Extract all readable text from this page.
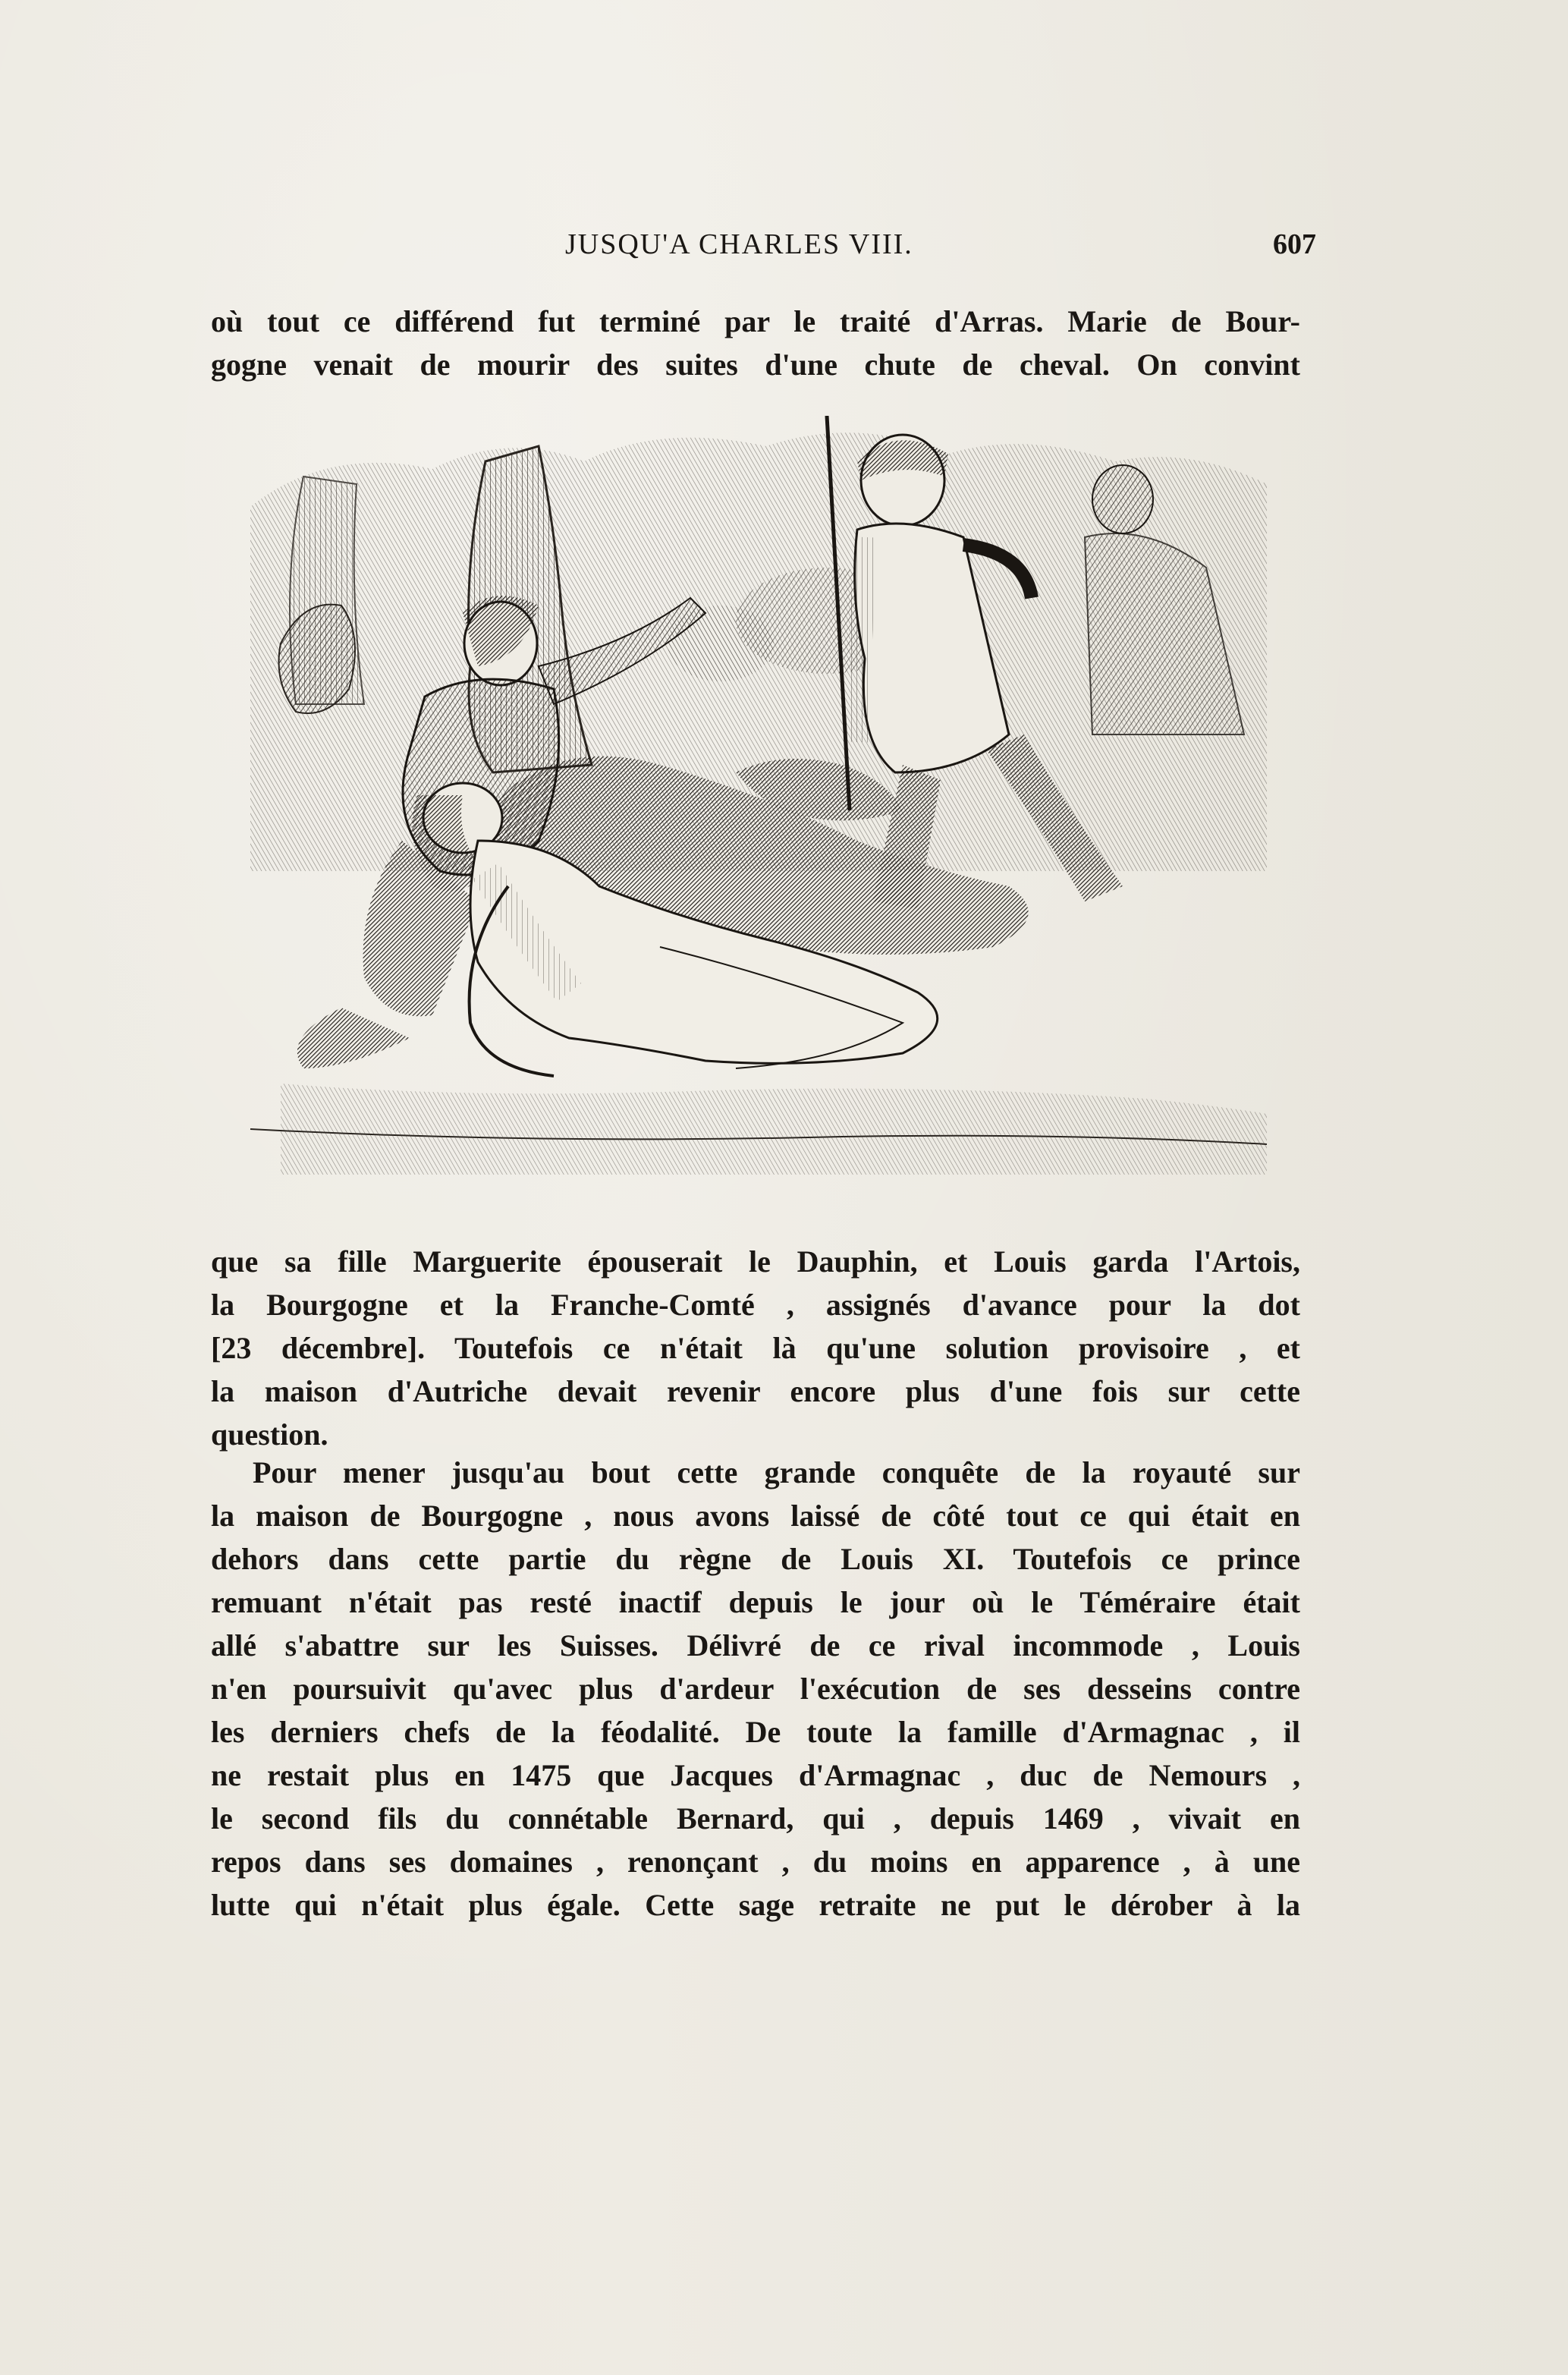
JUSQU'A CHARLES VIII.	607

où tout ce différend fut terminé par le traité d'Arras. Marie de Bour-
gogne venait de mourir des suites d'une chute de cheval. On convint

que sa fille Marguerite épouserait le Dauphin, et Louis garda l'Artois,
la Bourgogne et la Franche-Comté , assignés d'avance pour la dot
[23 décembre]. Toutefois ce n'était là qu'une solution provisoire , et
la maison d'Autriche devait revenir encore plus d'une fois sur cette
question.

Pour mener jusqu'au bout cette grande conquête de la royauté sur
la maison de Bourgogne , nous avons laissé de côté tout ce qui était en
dehors dans cette partie du règne de Louis XI. Toutefois ce prince
remuant n'était pas resté inactif depuis le jour où le Téméraire était
allé s'abattre sur les Suisses. Délivré de ce rival incommode , Louis
n'en poursuivit qu'avec plus d'ardeur l'exécution de ses desseins contre
les derniers chefs de la féodalité. De toute la famille d'Armagnac , il
ne restait plus en 1475 que Jacques d'Armagnac , duc de Nemours ,
le second fils du connétable Bernard, qui , depuis 1469 , vivait en
repos dans ses domaines , renonçant , du moins en apparence , à une
lutte qui n'était plus égale. Cette sage retraite ne put le dérober à la
